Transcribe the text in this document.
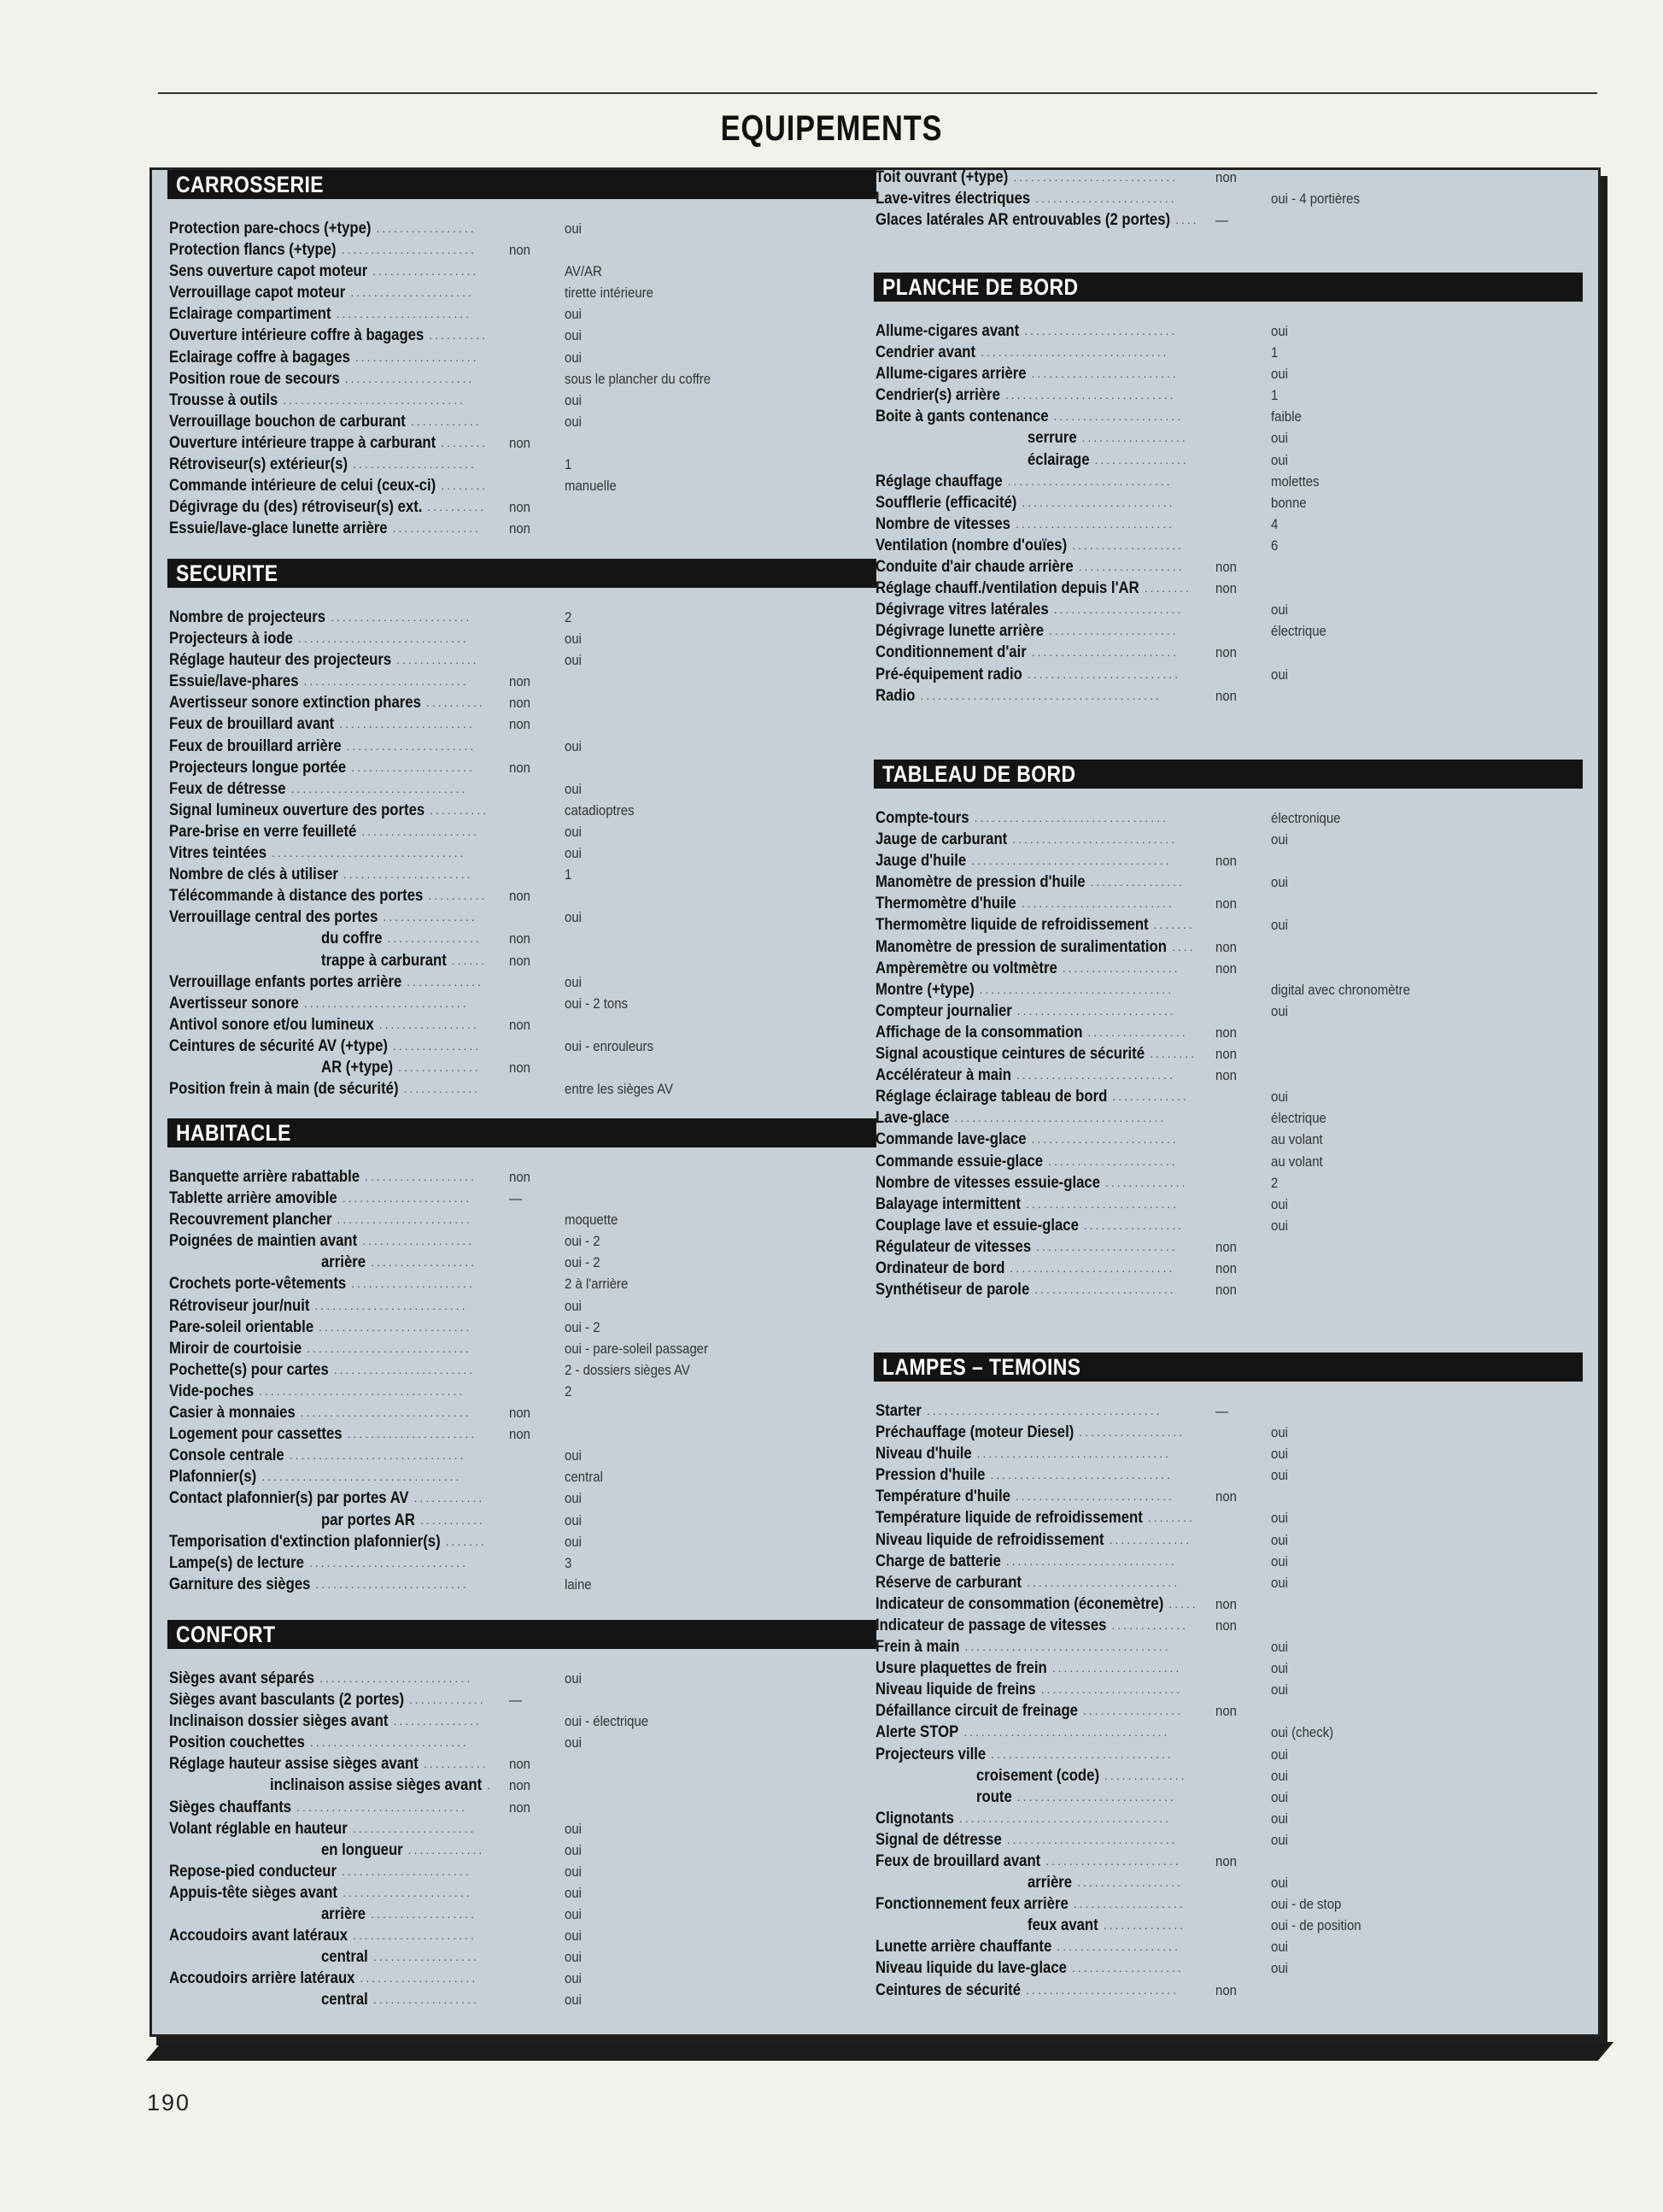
EQUIPEMENTS
CARROSSERIE
Protection pare-chocs (+type) .................	oui
Protection flancs (+type) .......................	non
Sens ouverture capot moteur ..................	AV/AR
Verrouillage capot moteur .....................	tirette intérieure
Eclairage compartiment .......................	oui
Ouverture intérieure coffre à bagages ..........	oui
Eclairage coffre à bagages .....................	oui
Position roue de secours ......................	sous le plancher du coffre
Trousse à outils ...............................	oui
Verrouillage bouchon de carburant ............	oui
Ouverture intérieure trappe à carburant ........	non
Rétroviseur(s) extérieur(s) .....................	1
Commande intérieure de celui (ceux-ci) ........	manuelle
Dégivrage du (des) rétroviseur(s) ext. ..........	non
Essuie/lave-glace lunette arrière ...............	non
SECURITE
Nombre de projecteurs ........................	2
Projecteurs à iode .............................	oui
Réglage hauteur des projecteurs ..............	oui
Essuie/lave-phares ............................	non
Avertisseur sonore extinction phares ..........	non
Feux de brouillard avant .......................	non
Feux de brouillard arrière ......................	oui
Projecteurs longue portée .....................	non
Feux de détresse ..............................	oui
Signal lumineux ouverture des portes ..........	catadioptres
Pare-brise en verre feuilleté ....................	oui
Vitres teintées .................................	oui
Nombre de clés à utiliser ......................	1
Télécommande à distance des portes ..........	non
Verrouillage central des portes ................	oui
du coffre ................	non
trappe à carburant ......	non
Verrouillage enfants portes arrière .............	oui
Avertisseur sonore ............................	oui - 2 tons
Antivol sonore et/ou lumineux .................	non
Ceintures de sécurité AV (+type) ...............	oui - enrouleurs
AR (+type) ..............	non
Position frein à main (de sécurité) .............	entre les sièges AV
HABITACLE
Banquette arrière rabattable ...................	non
Tablette arrière amovible ......................	—
Recouvrement plancher .......................	moquette
Poignées de maintien avant ...................	oui - 2
arrière ..................	oui - 2
Crochets porte-vêtements .....................	2 à l'arrière
Rétroviseur jour/nuit ..........................	oui
Pare-soleil orientable ..........................	oui - 2
Miroir de courtoisie ............................	oui - pare-soleil passager
Pochette(s) pour cartes ........................	2 - dossiers sièges AV
Vide-poches ...................................	2
Casier à monnaies .............................	non
Logement pour cassettes ......................	non
Console centrale ..............................	oui
Plafonnier(s) ..................................	central
Contact plafonnier(s) par portes AV ............	oui
par portes AR ...........	oui
Temporisation d'extinction plafonnier(s) .......	oui
Lampe(s) de lecture ...........................	3
Garniture des sièges ..........................	laine
CONFORT
Sièges avant séparés ..........................	oui
Sièges avant basculants (2 portes) .............	—
Inclinaison dossier sièges avant ...............	oui - électrique
Position couchettes ...........................	oui
Réglage hauteur assise sièges avant ...........	non
inclinaison assise sièges avant .	non
Sièges chauffants .............................	non
Volant réglable en hauteur .....................	oui
en longueur .............	oui
Repose-pied conducteur ......................	oui
Appuis-tête sièges avant ......................	oui
arrière ..................	oui
Accoudoirs avant latéraux .....................	oui
central ..................	oui
Accoudoirs arrière latéraux ....................	oui
central ..................	oui
Toit ouvrant (+type) ............................	non
Lave-vitres électriques ........................	oui - 4 portières
Glaces latérales AR entrouvables (2 portes) ....	—
PLANCHE DE BORD
Allume-cigares avant ..........................	oui
Cendrier avant ................................	1
Allume-cigares arrière .........................	oui
Cendrier(s) arrière .............................	1
Boite à gants contenance ......................	faible
serrure ..................	oui
éclairage ................	oui
Réglage chauffage ............................	molettes
Soufflerie (efficacité) ..........................	bonne
Nombre de vitesses ...........................	4
Ventilation (nombre d'ouïes) ...................	6
Conduite d'air chaude arrière ..................	non
Réglage chauff./ventilation depuis l'AR ........	non
Dégivrage vitres latérales ......................	oui
Dégivrage lunette arrière ......................	électrique
Conditionnement d'air .........................	non
Pré-équipement radio ..........................	oui
Radio .........................................	non
TABLEAU DE BORD
Compte-tours .................................	électronique
Jauge de carburant ............................	oui
Jauge d'huile ..................................	non
Manomètre de pression d'huile ................	oui
Thermomètre d'huile ..........................	non
Thermomètre liquide de refroidissement .......	oui
Manomètre de pression de suralimentation ....	non
Ampèremètre ou voltmètre ....................	non
Montre (+type) .................................	digital avec chronomètre
Compteur journalier ...........................	oui
Affichage de la consommation .................	non
Signal acoustique ceintures de sécurité ........	non
Accélérateur à main ...........................	non
Réglage éclairage tableau de bord .............	oui
Lave-glace ....................................	électrique
Commande lave-glace .........................	au volant
Commande essuie-glace ......................	au volant
Nombre de vitesses essuie-glace ..............	2
Balayage intermittent ..........................	oui
Couplage lave et essuie-glace .................	oui
Régulateur de vitesses ........................	non
Ordinateur de bord ............................	non
Synthétiseur de parole ........................	non
LAMPES – TEMOINS
Starter ........................................	—
Préchauffage (moteur Diesel) ..................	oui
Niveau d'huile .................................	oui
Pression d'huile ...............................	oui
Température d'huile ...........................	non
Température liquide de refroidissement ........	oui
Niveau liquide de refroidissement ..............	oui
Charge de batterie .............................	oui
Réserve de carburant ..........................	oui
Indicateur de consommation (éconemètre) .....	non
Indicateur de passage de vitesses .............	non
Frein à main ...................................	oui
Usure plaquettes de frein ......................	oui
Niveau liquide de freins ........................	oui
Défaillance circuit de freinage .................	non
Alerte STOP ...................................	oui (check)
Projecteurs ville ...............................	oui
croisement (code) ..............	oui
route ...........................	oui
Clignotants ....................................	oui
Signal de détresse .............................	oui
Feux de brouillard avant .......................	non
arrière ..................	oui
Fonctionnement feux arrière ...................	oui - de stop
feux avant ..............	oui - de position
Lunette arrière chauffante .....................	oui
Niveau liquide du lave-glace ...................	oui
Ceintures de sécurité ..........................	non
190
